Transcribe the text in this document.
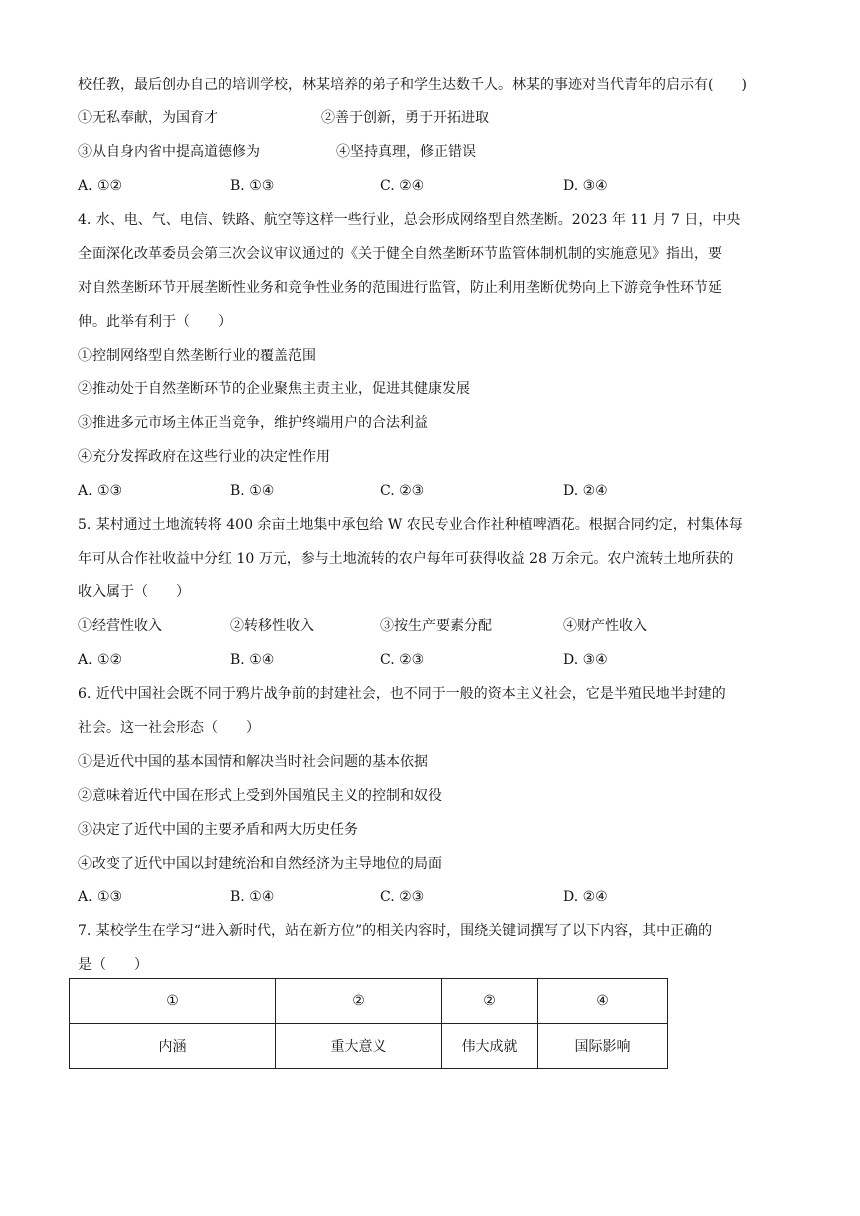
校任教，最后创办自己的培训学校，林某培养的弟子和学生达数千人。林某的事迹对当代青年的启示有(　　)
①无私奉献，为国育才	②善于创新，勇于开拓进取
③从自身内省中提高道德修为	④坚持真理，修正错误
A. ①②	B. ①③	C. ②④	D. ③④
4. 水、电、气、电信、铁路、航空等这样一些行业，总会形成网络型自然垄断。2023 年 11 月 7 日，中央
全面深化改革委员会第三次会议审议通过的《关于健全自然垄断环节监管体制机制的实施意见》指出，要
对自然垄断环节开展垄断性业务和竞争性业务的范围进行监管，防止利用垄断优势向上下游竞争性环节延
伸。此举有利于（　　）
①控制网络型自然垄断行业的覆盖范围
②推动处于自然垄断环节的企业聚焦主责主业，促进其健康发展
③推进多元市场主体正当竞争，维护终端用户的合法利益
④充分发挥政府在这些行业的决定性作用
A. ①③	B. ①④	C. ②③	D. ②④
5. 某村通过土地流转将 400 余亩土地集中承包给 W 农民专业合作社种植啤酒花。根据合同约定，村集体每
年可从合作社收益中分红 10 万元，参与土地流转的农户每年可获得收益 28 万余元。农户流转土地所获的
收入属于（　　）
①经营性收入	②转移性收入	③按生产要素分配	④财产性收入
A. ①②	B. ①④	C. ②③	D. ③④
6. 近代中国社会既不同于鸦片战争前的封建社会，也不同于一般的资本主义社会，它是半殖民地半封建的
社会。这一社会形态（　　）
①是近代中国的基本国情和解决当时社会问题的基本依据
②意味着近代中国在形式上受到外国殖民主义的控制和奴役
③决定了近代中国的主要矛盾和两大历史任务
④改变了近代中国以封建统治和自然经济为主导地位的局面
A. ①③	B. ①④	C. ②③	D. ②④
7. 某校学生在学习“进入新时代，站在新方位”的相关内容时，围绕关键词撰写了以下内容，其中正确的
是（　　）
①	②	②	④
内涵	重大意义	伟大成就	国际影响
